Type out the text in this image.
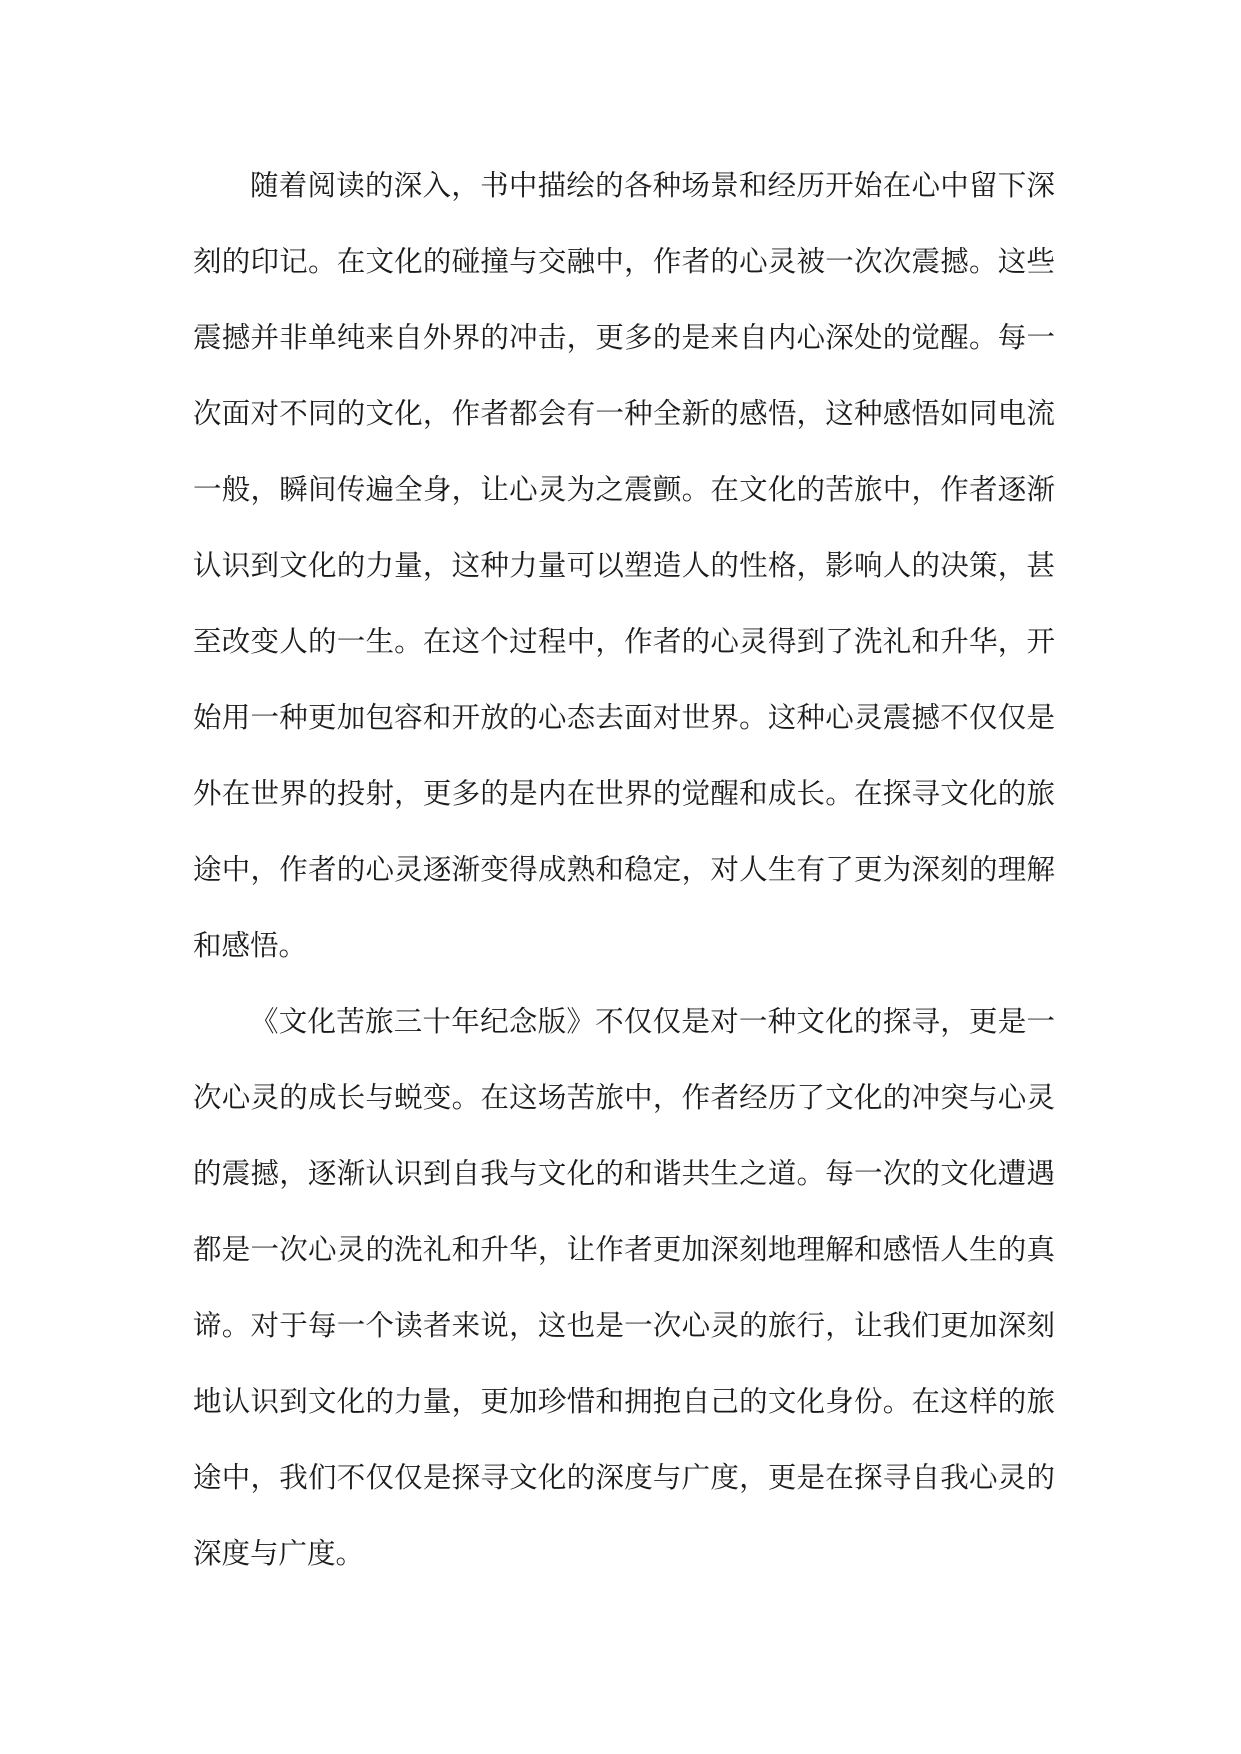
随着阅读的深入，书中描绘的各种场景和经历开始在心中留下深
刻的印记。在文化的碰撞与交融中，作者的心灵被一次次震撼。这些
震撼并非单纯来自外界的冲击，更多的是来自内心深处的觉醒。每一
次面对不同的文化，作者都会有一种全新的感悟，这种感悟如同电流
一般，瞬间传遍全身，让心灵为之震颤。在文化的苦旅中，作者逐渐
认识到文化的力量，这种力量可以塑造人的性格，影响人的决策，甚
至改变人的一生。在这个过程中，作者的心灵得到了洗礼和升华，开
始用一种更加包容和开放的心态去面对世界。这种心灵震撼不仅仅是
外在世界的投射，更多的是内在世界的觉醒和成长。在探寻文化的旅
途中，作者的心灵逐渐变得成熟和稳定，对人生有了更为深刻的理解
和感悟。
《文化苦旅三十年纪念版》不仅仅是对一种文化的探寻，更是一
次心灵的成长与蜕变。在这场苦旅中，作者经历了文化的冲突与心灵
的震撼，逐渐认识到自我与文化的和谐共生之道。每一次的文化遭遇
都是一次心灵的洗礼和升华，让作者更加深刻地理解和感悟人生的真
谛。对于每一个读者来说，这也是一次心灵的旅行，让我们更加深刻
地认识到文化的力量，更加珍惜和拥抱自己的文化身份。在这样的旅
途中，我们不仅仅是探寻文化的深度与广度，更是在探寻自我心灵的
深度与广度。
